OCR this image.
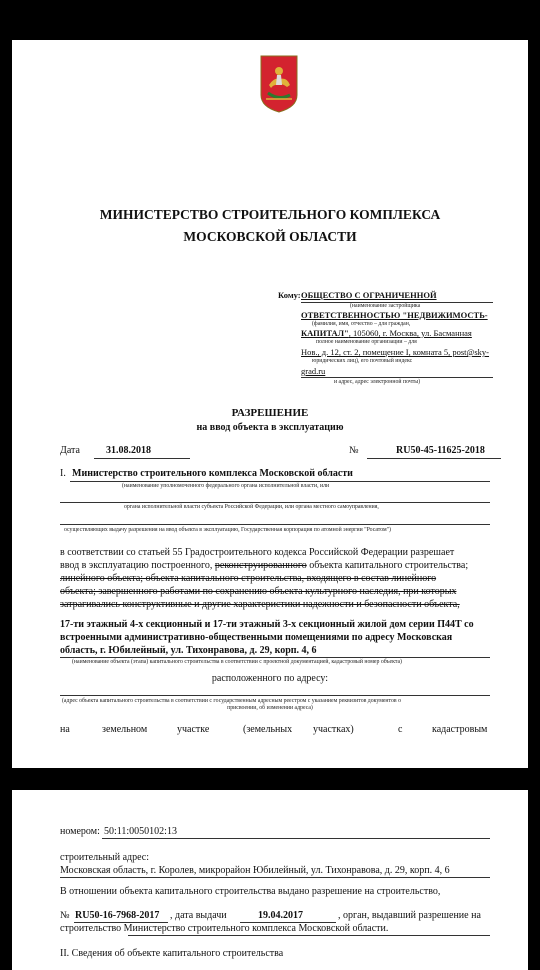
МИНИСТЕРСТВО СТРОИТЕЛЬНОГО КОМПЛЕКСА
МОСКОВСКОЙ ОБЛАСТИ
Кому: ОБЩЕСТВО С ОГРАНИЧЕННОЙ
(наименование застройщика
ОТВЕТСТВЕННОСТЬЮ "НЕДВИЖИМОСТЬ-
(фамилия, имя, отчество – для граждан,
КАПИТАЛ", 105060, г. Москва, ул. Басманная
полное наименование организации – для
Нов., д. 12, ст. 2, помещение I, комната 5, post@sky-
юридических лиц), его почтовый индекс
grad.ru
и адрес, адрес электронной почты)
РАЗРЕШЕНИЕ
на ввод объекта в эксплуатацию
Дата	31.08.2018	№	RU50-45-11625-2018
I. Министерство строительного комплекса Московской области
(наименование уполномоченного федерального органа исполнительной власти, или
органа исполнительной власти субъекта Российской Федерации, или органа местного самоуправления,
осуществляющих выдачу разрешения на ввод объекта в эксплуатацию, Государственная корпорация по атомной энергии "Росатом")
в соответствии со статьей 55 Градостроительного кодекса Российской Федерации разрешает
ввод в эксплуатацию построенного, реконструированного объекта капитального строительства;
линейного объекта; объекта капитального строительства, входящего в состав линейного
объекта; завершенного работами по сохранению объекта культурного наследия, при которых
затрагивались конструктивные и другие характеристики надежности и безопасности объекта,
17-ти этажный 4-х секционный и 17-ти этажный 3-х секционный жилой дом серии П44Т со
встроенными административно-общественными помещениями по адресу Московская
область, г. Юбилейный, ул. Тихонравова, д. 29, корп. 4, 6
(наименование объекта (этапа) капитального строительства в соответствии с проектной документацией, кадастровый номер объекта)
расположенного по адресу:
(адрес объекта капитального строительства в соответствии с государственным адресным реестром с указанием реквизитов документов о
присвоении, об изменении адреса)
на	земельном	участке	(земельных участках)	с	кадастровым
номером: 50:11:0050102:13
строительный адрес:
Московская область, г. Королев, микрорайон Юбилейный, ул. Тихонравова, д. 29, корп. 4, 6
В отношении объекта капитального строительства выдано разрешение на строительство,
№ RU50-16-7968-2017 , дата выдачи	19.04.2017	, орган, выдавший разрешение на
строительство Министерство строительного комплекса Московской области.
II. Сведения об объекте капитального строительства
